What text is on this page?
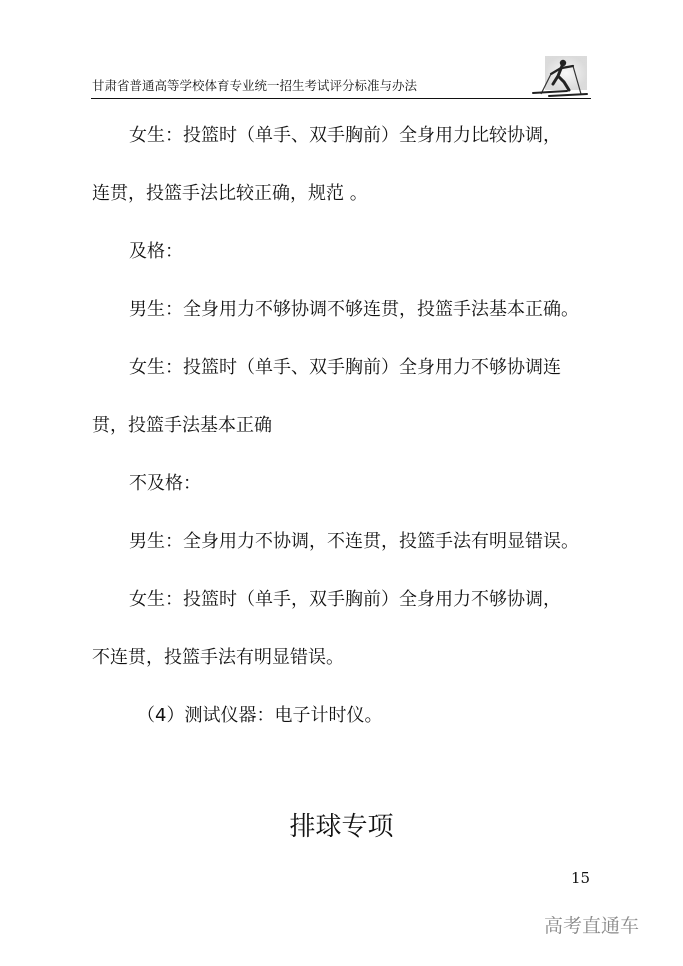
甘肃省普通高等学校体育专业统一招生考试评分标准与办法
女生：投篮时（单手、双手胸前）全身用力比较协调，
连贯，投篮手法比较正确，规范 。
及格：
男生：全身用力不够协调不够连贯，投篮手法基本正确。
女生：投篮时（单手、双手胸前）全身用力不够协调连
贯，投篮手法基本正确
不及格：
男生：全身用力不协调，不连贯，投篮手法有明显错误。
女生：投篮时（单手，双手胸前）全身用力不够协调，
不连贯，投篮手法有明显错误。
（4）测试仪器：电子计时仪。
排球专项
15
高考直通车
